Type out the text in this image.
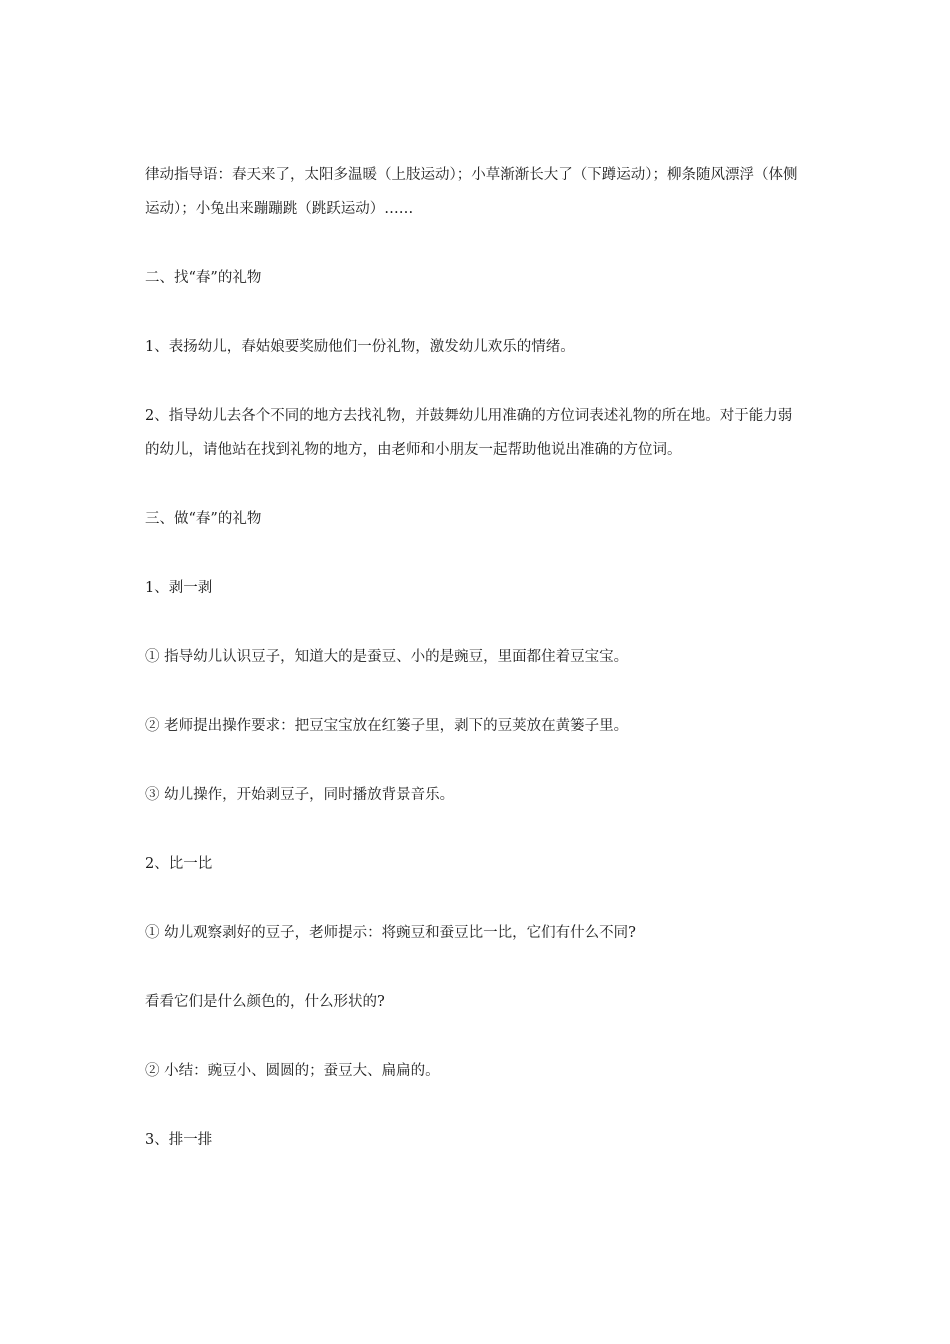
律动指导语：春天来了，太阳多温暖（上肢运动）；小草渐渐长大了（下蹲运动）；柳条随风漂浮（体侧运动）；小兔出来蹦蹦跳（跳跃运动）……

二、找“春”的礼物

1、表扬幼儿，春姑娘要奖励他们一份礼物，激发幼儿欢乐的情绪。

2、指导幼儿去各个不同的地方去找礼物，并鼓舞幼儿用准确的方位词表述礼物的所在地。对于能力弱的幼儿，请他站在找到礼物的地方，由老师和小朋友一起帮助他说出准确的方位词。

三、做“春”的礼物

1、剥一剥

① 指导幼儿认识豆子，知道大的是蚕豆、小的是豌豆，里面都住着豆宝宝。

② 老师提出操作要求：把豆宝宝放在红篓子里，剥下的豆荚放在黄篓子里。

③ 幼儿操作，开始剥豆子，同时播放背景音乐。

2、比一比

① 幼儿观察剥好的豆子，老师提示：将豌豆和蚕豆比一比，它们有什么不同?

看看它们是什么颜色的，什么形状的?

② 小结：豌豆小、圆圆的；蚕豆大、扁扁的。

3、排一排
